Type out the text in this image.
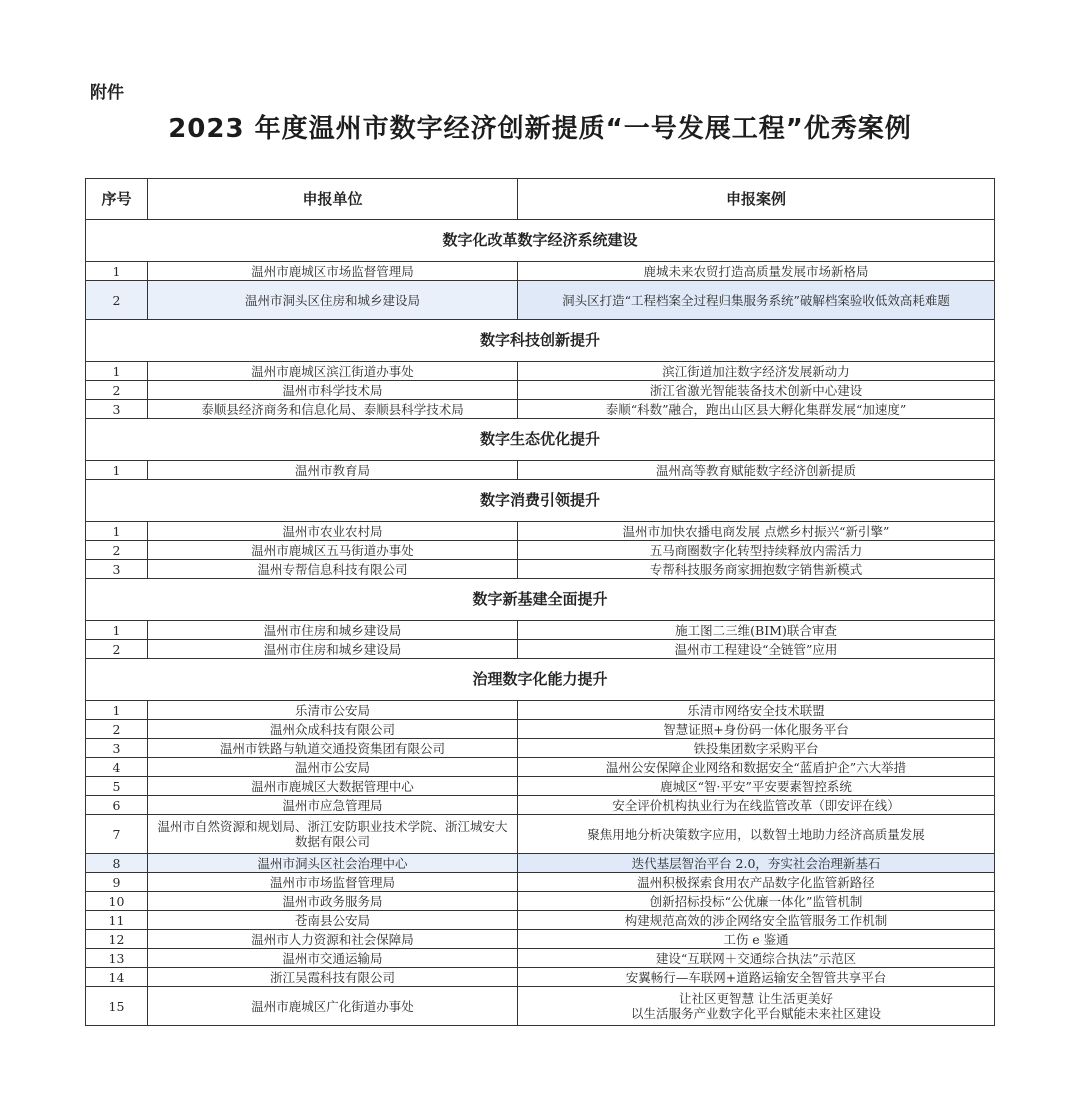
附件
2023 年度温州市数字经济创新提质“一号发展工程”优秀案例
序号	申报单位	申报案例
数字化改革数字经济系统建设		
1	温州市鹿城区市场监督管理局	鹿城未来农贸打造高质量发展市场新格局
2	温州市洞头区住房和城乡建设局	洞头区打造“工程档案全过程归集服务系统”破解档案验收低效高耗难题
数字科技创新提升		
1	温州市鹿城区滨江街道办事处	滨江街道加注数字经济发展新动力
2	温州市科学技术局	浙江省激光智能装备技术创新中心建设
3	泰顺县经济商务和信息化局、泰顺县科学技术局	泰顺“科数”融合，跑出山区县大孵化集群发展“加速度”
数字生态优化提升		
1	温州市教育局	温州高等教育赋能数字经济创新提质
数字消费引领提升		
1	温州市农业农村局	温州市加快农播电商发展 点燃乡村振兴“新引擎”
2	温州市鹿城区五马街道办事处	五马商圈数字化转型持续释放内需活力
3	温州专帮信息科技有限公司	专帮科技服务商家拥抱数字销售新模式
数字新基建全面提升		
1	温州市住房和城乡建设局	施工图二三维(BIM)联合审查
2	温州市住房和城乡建设局	温州市工程建设“全链管”应用
治理数字化能力提升		
1	乐清市公安局	乐清市网络安全技术联盟
2	温州众成科技有限公司	智慧证照+身份码一体化服务平台
3	温州市铁路与轨道交通投资集团有限公司	铁投集团数字采购平台
4	温州市公安局	温州公安保障企业网络和数据安全“蓝盾护企”六大举措
5	温州市鹿城区大数据管理中心	鹿城区“智·平安”平安要素智控系统
6	温州市应急管理局	安全评价机构执业行为在线监管改革（即安评在线）
7	温州市自然资源和规划局、浙江安防职业技术学院、浙江城安大数据有限公司	聚焦用地分析决策数字应用，以数智土地助力经济高质量发展
8	温州市洞头区社会治理中心	迭代基层智治平台 2.0，夯实社会治理新基石
9	温州市市场监督管理局	温州积极探索食用农产品数字化监管新路径
10	温州市政务服务局	创新招标投标“公优廉一体化”监管机制
11	苍南县公安局	构建规范高效的涉企网络安全监管服务工作机制
12	温州市人力资源和社会保障局	工伤 e 鉴通
13	温州市交通运输局	建设“互联网＋交通综合执法”示范区
14	浙江吴霞科技有限公司	安翼畅行—车联网+道路运输安全智管共享平台
15	温州市鹿城区广化街道办事处	让社区更智慧 让生活更美好
以生活服务产业数字化平台赋能未来社区建设
